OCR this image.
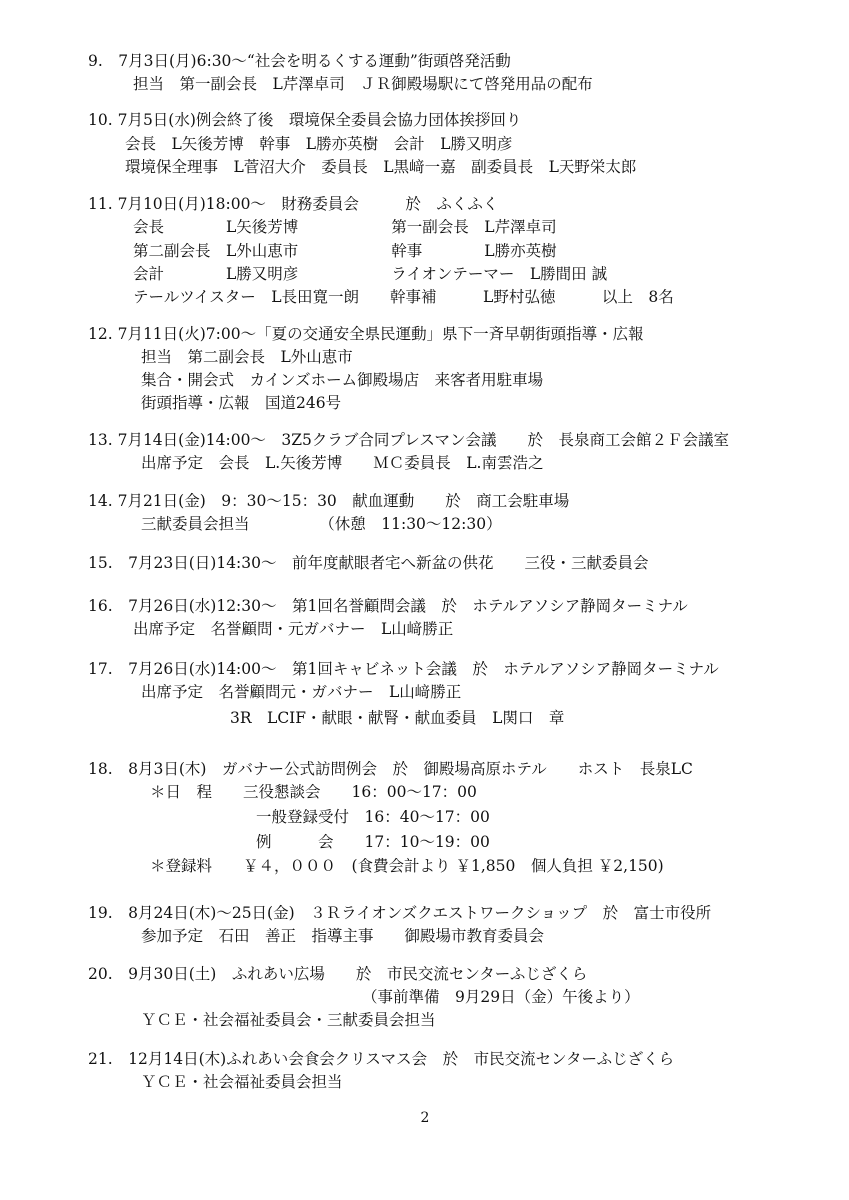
9.　7月3日(月)6:30〜“社会を明るくする運動”街頭啓発活動
担当　第一副会長　L芹澤卓司　ＪＲ御殿場駅にて啓発用品の配布
10. 7月5日(水)例会終了後　環境保全委員会協力団体挨拶回り
会長　L矢後芳博　幹事　L勝亦英樹　会計　L勝又明彦
環境保全理事　L菅沼大介　委員長　L黒﨑一嘉　副委員長　L天野栄太郎
11. 7月10日(月)18:00〜　財務委員会　　　於　ふくふく
会長　　　　L矢後芳博　　　　　　第一副会長　L芹澤卓司
第二副会長　L外山恵市　　　　　　幹事　　　　L勝亦英樹
会計　　　　L勝又明彦　　　　　　ライオンテーマー　L勝間田 誠
テールツイスター　L長田寛一朗　　幹事補　　　L野村弘徳　　　以上　8名
12. 7月11日(火)7:00〜「夏の交通安全県民運動」県下一斉早朝街頭指導・広報
担当　第二副会長　L外山恵市
集合・開会式　カインズホーム御殿場店　来客者用駐車場
街頭指導・広報　国道246号
13. 7月14日(金)14:00〜　3Z5クラブ合同プレスマン会議　　於　長泉商工会館２Ｆ会議室
出席予定　会長　L.矢後芳博　　ＭＣ委員長　L.南雲浩之
14. 7月21日(金)　9：30〜15：30　献血運動　　於　商工会駐車場
三献委員会担当　　　　　（休憩　11:30〜12:30）
15.　7月23日(日)14:30〜　前年度献眼者宅へ新盆の供花　　三役・三献委員会
16.　7月26日(水)12:30〜　第1回名誉顧問会議　於　ホテルアソシア静岡ターミナル
出席予定　名誉顧問・元ガバナー　L山﨑勝正
17.　7月26日(水)14:00〜　第1回キャビネット会議　於　ホテルアソシア静岡ターミナル
出席予定　名誉顧問元・ガバナー　L山﨑勝正
3R　LCIF・献眼・献腎・献血委員　L関口　章
18.　8月3日(木)　ガバナー公式訪問例会　於　御殿場高原ホテル　　ホスト　長泉LC
＊日　程　　三役懇談会　　16：00〜17：00
一般登録受付　16：40〜17：00
例　　　会　　17：10〜19：00
＊登録料　　￥４，０００　(食費会計より ￥1,850　個人負担 ￥2,150)
19.　8月24日(木)〜25日(金)　３Ｒライオンズクエストワークショップ　於　富士市役所
参加予定　石田　善正　指導主事　　御殿場市教育委員会
20.　9月30日(土)　ふれあい広場　　於　市民交流センターふじざくら
（事前準備　9月29日（金）午後より）
ＹＣＥ・社会福祉委員会・三献委員会担当
21.　12月14日(木)ふれあい会食会クリスマス会　於　市民交流センターふじざくら
ＹＣＥ・社会福祉委員会担当
2
